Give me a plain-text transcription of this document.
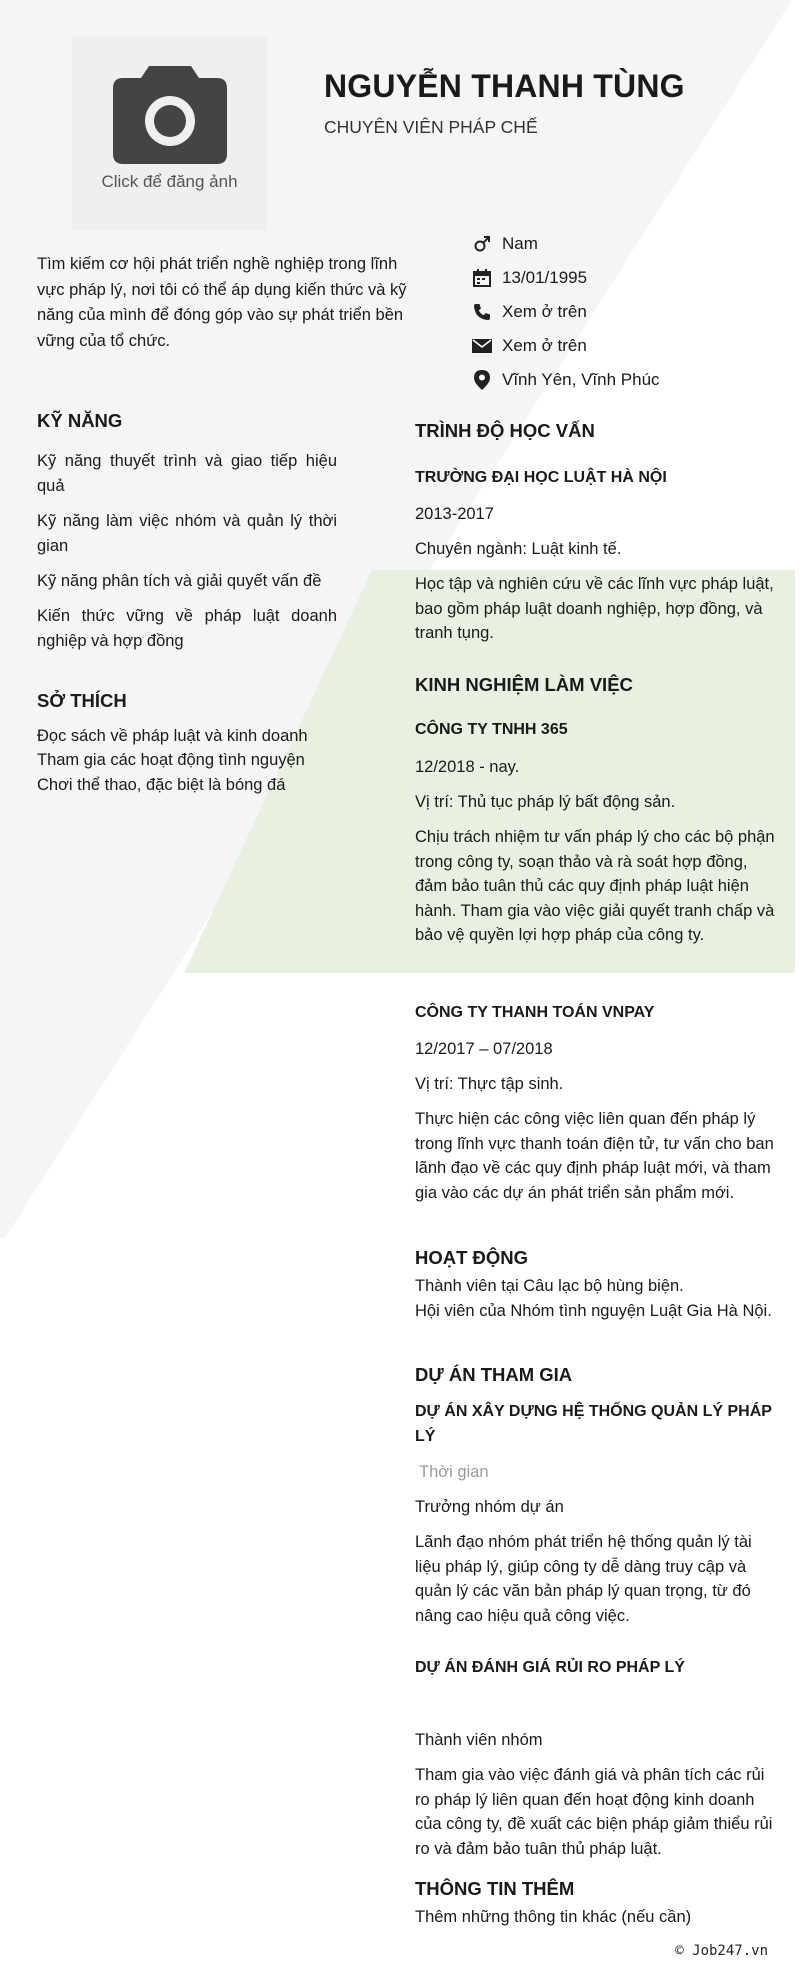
Click để đăng ảnh
NGUYỄN THANH TÙNG
CHUYÊN VIÊN PHÁP CHẾ
Tìm kiếm cơ hội phát triển nghề nghiệp trong lĩnh vực pháp lý, nơi tôi có thể áp dụng kiến thức và kỹ năng của mình để đóng góp vào sự phát triển bền vững của tổ chức.
Nam
13/01/1995
Xem ở trên
Xem ở trên
Vĩnh Yên, Vĩnh Phúc
KỸ NĂNG
Kỹ năng thuyết trình và giao tiếp hiệu quả
Kỹ năng làm việc nhóm và quản lý thời gian
Kỹ năng phân tích và giải quyết vấn đề
Kiến thức vững về pháp luật doanh nghiệp và hợp đồng
SỞ THÍCH
Đọc sách về pháp luật và kinh doanh
Tham gia các hoạt động tình nguyện
Chơi thể thao, đặc biệt là bóng đá
TRÌNH ĐỘ HỌC VẤN
TRƯỜNG ĐẠI HỌC LUẬT HÀ NỘI
2013-2017
Chuyên ngành: Luật kinh tế.
Học tập và nghiên cứu về các lĩnh vực pháp luật, bao gồm pháp luật doanh nghiệp, hợp đồng, và tranh tụng.
KINH NGHIỆM LÀM VIỆC
CÔNG TY TNHH 365
12/2018 - nay.
Vị trí: Thủ tục pháp lý bất động sản.
Chịu trách nhiệm tư vấn pháp lý cho các bộ phận trong công ty, soạn thảo và rà soát hợp đồng, đảm bảo tuân thủ các quy định pháp luật hiện hành. Tham gia vào việc giải quyết tranh chấp và bảo vệ quyền lợi hợp pháp của công ty.
CÔNG TY THANH TOÁN VNPAY
12/2017 – 07/2018
Vị trí: Thực tập sinh.
Thực hiện các công việc liên quan đến pháp lý trong lĩnh vực thanh toán điện tử, tư vấn cho ban lãnh đạo về các quy định pháp luật mới, và tham gia vào các dự án phát triển sản phẩm mới.
HOẠT ĐỘNG
Thành viên tại Câu lạc bộ hùng biện.
Hội viên của Nhóm tình nguyện Luật Gia Hà Nội.
DỰ ÁN THAM GIA
DỰ ÁN XÂY DỰNG HỆ THỐNG QUẢN LÝ PHÁP LÝ
Thời gian
Trưởng nhóm dự án
Lãnh đạo nhóm phát triển hệ thống quản lý tài liệu pháp lý, giúp công ty dễ dàng truy cập và quản lý các văn bản pháp lý quan trọng, từ đó nâng cao hiệu quả công việc.
DỰ ÁN ĐÁNH GIÁ RỦI RO PHÁP LÝ
Thành viên nhóm
Tham gia vào việc đánh giá và phân tích các rủi ro pháp lý liên quan đến hoạt động kinh doanh của công ty, đề xuất các biện pháp giảm thiểu rủi ro và đảm bảo tuân thủ pháp luật.
THÔNG TIN THÊM
Thêm những thông tin khác (nếu cần)
© Job247.vn
